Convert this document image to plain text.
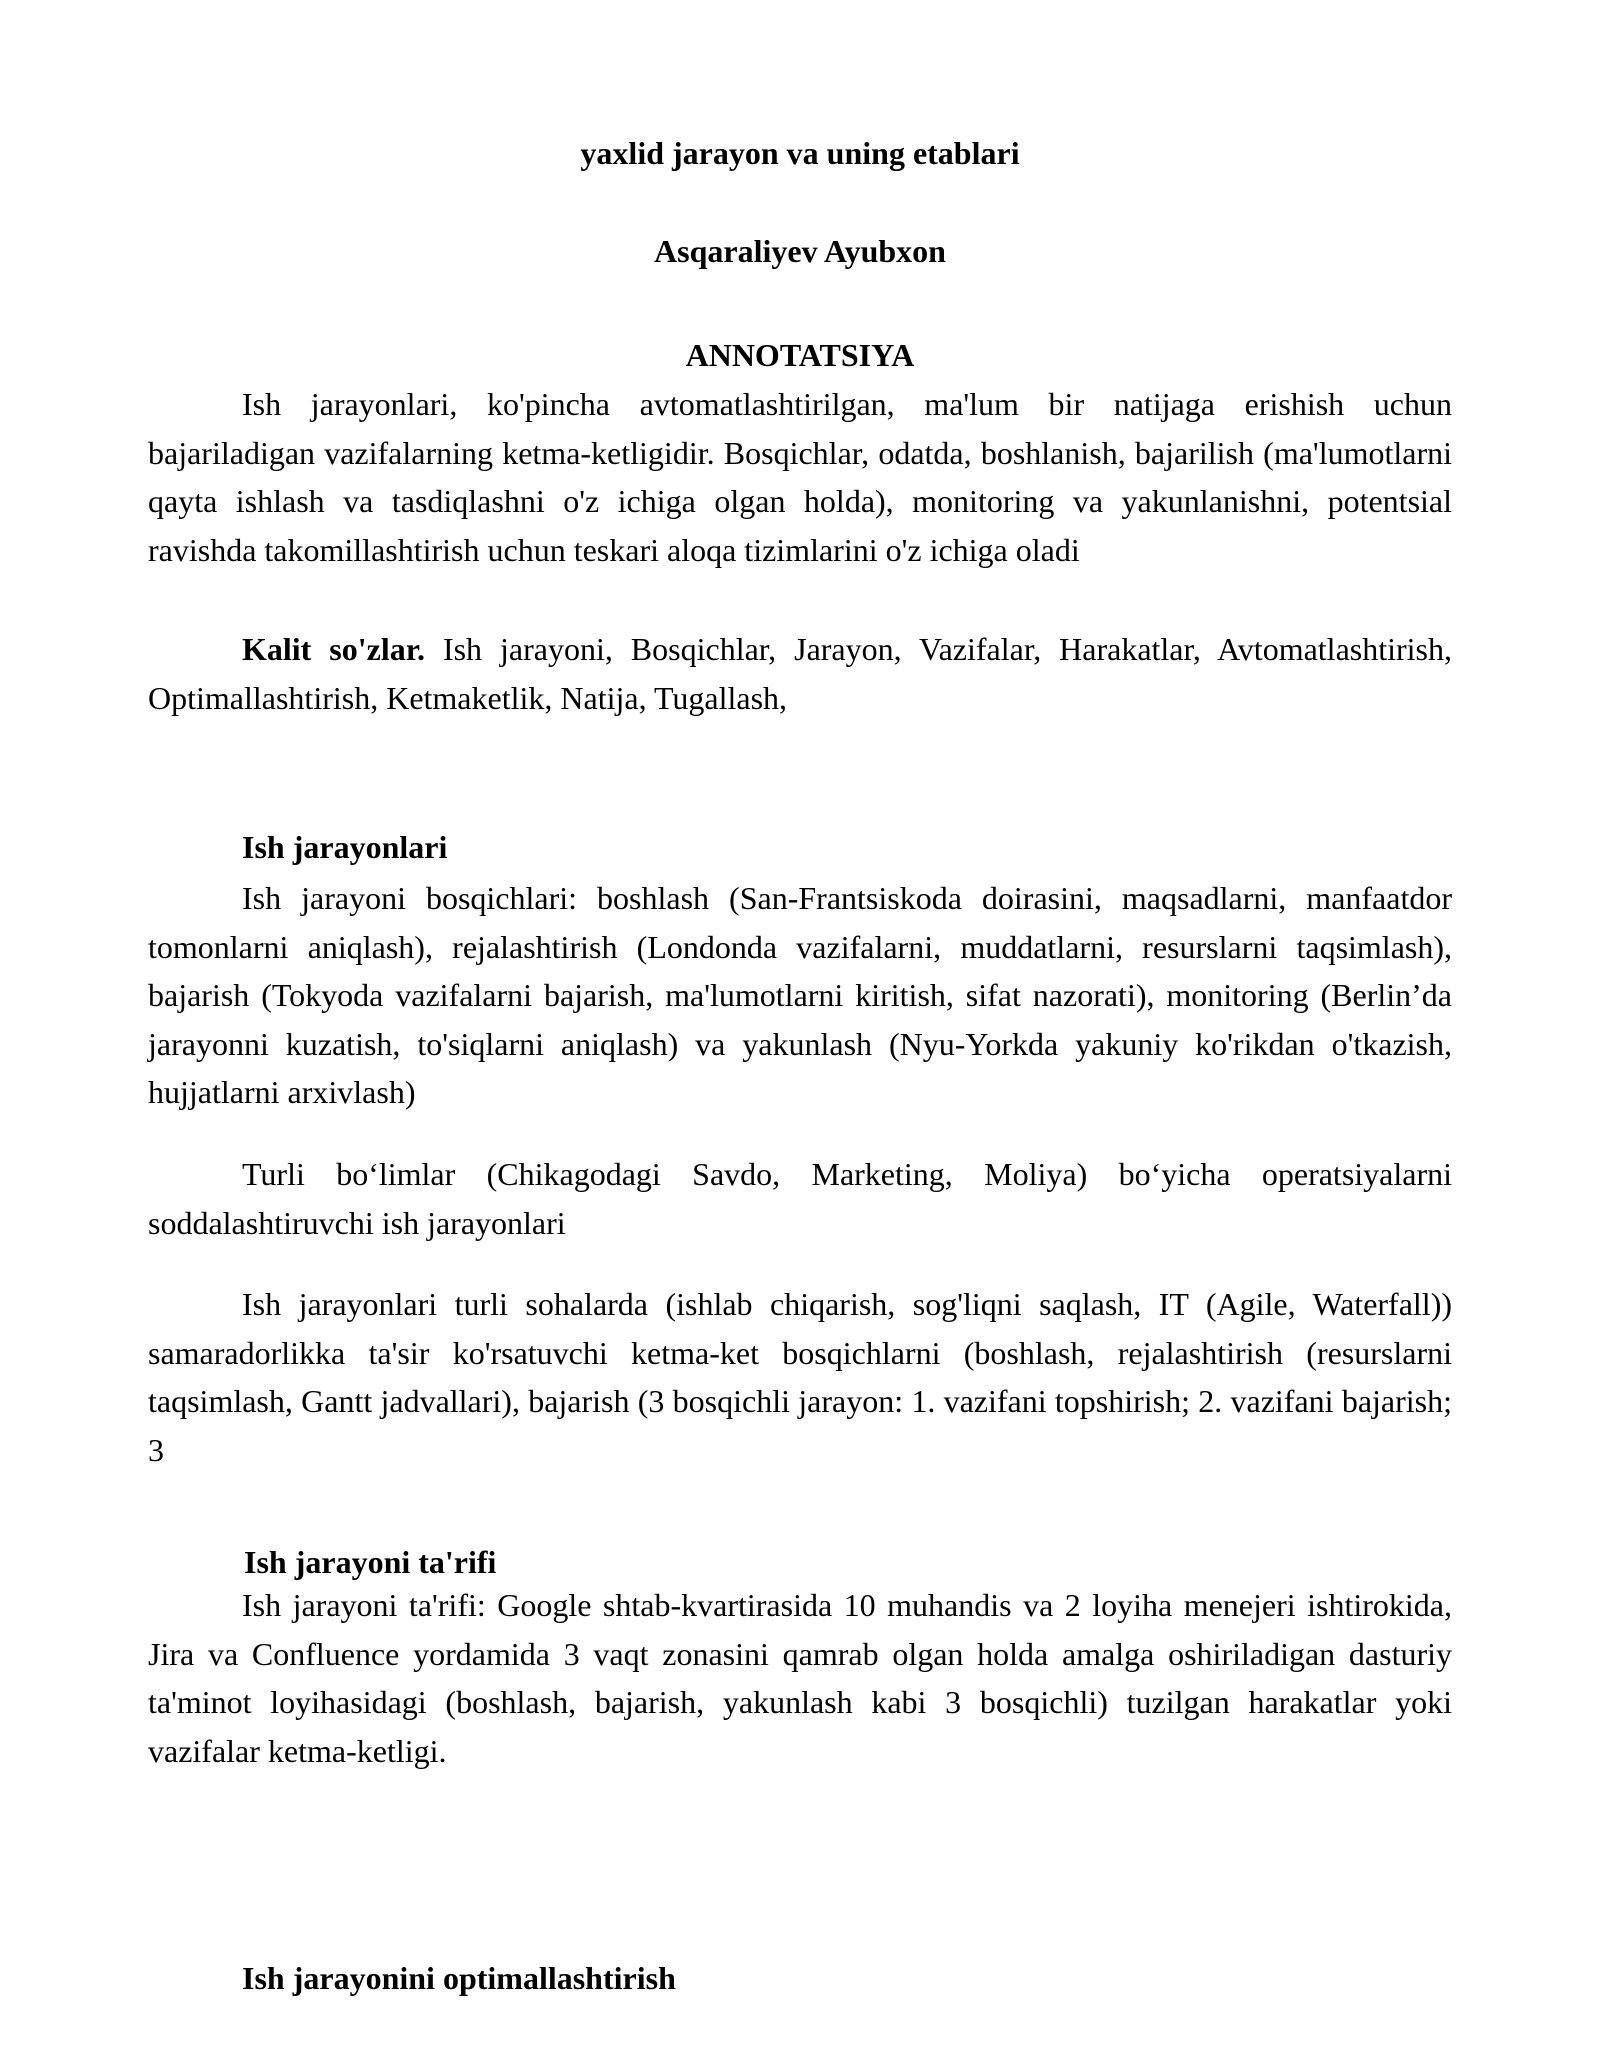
yaxlid jarayon va uning etablari

Asqaraliyev Ayubxon

ANNOTATSIYA

Ish jarayonlari, ko'pincha avtomatlashtirilgan, ma'lum bir natijaga erishish uchun bajariladigan vazifalarning ketma-ketligidir. Bosqichlar, odatda, boshlanish, bajarilish (ma'lumotlarni qayta ishlash va tasdiqlashni o'z ichiga olgan holda), monitoring va yakunlanishni, potentsial ravishda takomillashtirish uchun teskari aloqa tizimlarini o'z ichiga oladi

Kalit so'zlar. Ish jarayoni, Bosqichlar, Jarayon, Vazifalar, Harakatlar, Avtomatlashtirish, Optimallashtirish, Ketmaketlik, Natija, Tugallash,

Ish jarayonlari

Ish jarayoni bosqichlari: boshlash (San-Frantsiskoda doirasini, maqsadlarni, manfaatdor tomonlarni aniqlash), rejalashtirish (Londonda vazifalarni, muddatlarni, resurslarni taqsimlash), bajarish (Tokyoda vazifalarni bajarish, ma'lumotlarni kiritish, sifat nazorati), monitoring (Berlin’da jarayonni kuzatish, to'siqlarni aniqlash) va yakunlash (Nyu-Yorkda yakuniy ko'rikdan o'tkazish, hujjatlarni arxivlash)

Turli bo‘limlar (Chikagodagi Savdo, Marketing, Moliya) bo‘yicha operatsiyalarni soddalashtiruvchi ish jarayonlari

Ish jarayonlari turli sohalarda (ishlab chiqarish, sog'liqni saqlash, IT (Agile, Waterfall)) samaradorlikka ta'sir ko'rsatuvchi ketma-ket bosqichlarni (boshlash, rejalashtirish (resurslarni taqsimlash, Gantt jadvallari), bajarish (3 bosqichli jarayon: 1. vazifani topshirish; 2. vazifani bajarish; 3

Ish jarayoni ta'rifi

Ish jarayoni ta'rifi: Google shtab-kvartirasida 10 muhandis va 2 loyiha menejeri ishtirokida, Jira va Confluence yordamida 3 vaqt zonasini qamrab olgan holda amalga oshiriladigan dasturiy ta'minot loyihasidagi (boshlash, bajarish, yakunlash kabi 3 bosqichli) tuzilgan harakatlar yoki vazifalar ketma-ketligi.

Ish jarayonini optimallashtirish
